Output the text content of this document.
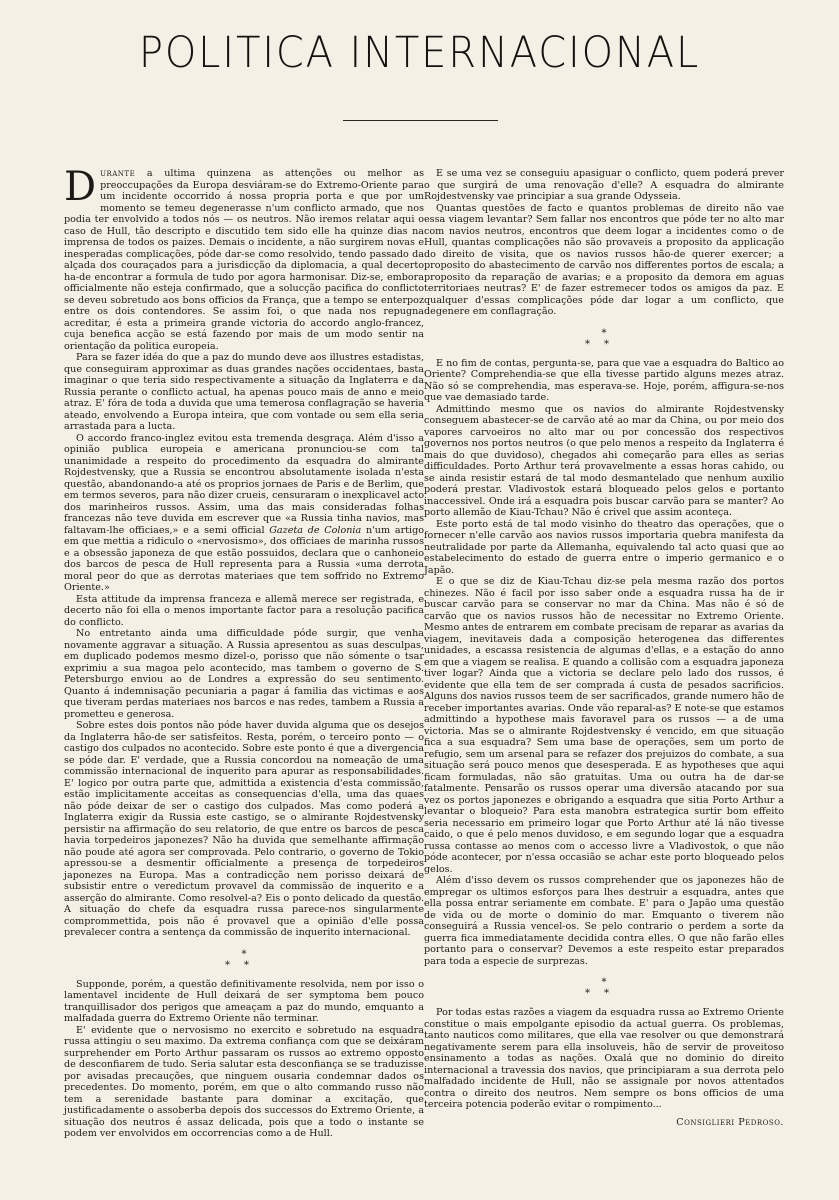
POLITICA INTERNACIONAL

Durante a ultima quinzena as attenções ou melhor as preoccupações da Europa desviáram-se do Extremo-Oriente para um incidente occorrido á nossa propria porta e que por um momento se temeu degenerasse n'um conflicto armado, que nos podia ter envolvido a todos nós — os neutros. Não iremos relatar aqui o caso de Hull, tão descripto e discutido tem sido elle ha quinze dias na imprensa de todos os paizes. Demais o incidente, a não surgirem novas e inesperadas complicações, póde dar-se como resolvido, tendo passado da alçada dos couraçados para a jurisdicção da diplomacia, a qual decerto ha-de encontrar a formula de tudo por agora harmonisar. Diz-se, embora officialmente não esteja confirmado, que a solucção pacifica do conflicto se deveu sobretudo aos bons officios da França, que a tempo se enterpoz entre os dois contendores. Se assim foi, o que nada nos repugna acreditar, é esta a primeira grande victoria do accordo anglo-francez, cuja benefica acção se está fazendo por mais de um modo sentir na orientação da politica europeia.

Para se fazer idéa do que a paz do mundo deve aos illustres estadistas, que conseguiram approximar as duas grandes nações occidentaes, basta imaginar o que teria sido respectivamente a situação da Inglaterra e da Russia perante o conflicto actual, ha apenas pouco mais de anno e meio atraz. E' fóra de toda a duvida que uma temerosa conflagração se haveria ateado, envolvendo a Europa inteira, que com vontade ou sem ella seria arrastada para a lucta.

O accordo franco-inglez evitou esta tremenda desgraça. Além d'isso a opinião publica europeia e americana pronunciou-se com tal unanimidade a respeito do procedimento da esquadra do almirante Rojdestvensky, que a Russia se encontrou absolutamente isolada n'esta questão, abandonando-a até os proprios jornaes de Paris e de Berlim, que em termos severos, para não dizer crueis, censuraram o inexplicavel acto dos marinheiros russos. Assim, uma das mais consideradas folhas francezas não teve duvida em escrever que «a Russia tinha navios, mas faltavam-lhe officiaes,» e a semi official Gazeta de Colonia n'um artigo em que mettia a ridiculo o «nervosismo», dos officiaes de marinha russos e a obsessão japoneza de que estão possuidos, declara que o canhoneio dos barcos de pesca de Hull representa para a Russia «uma derrota moral peor do que as derrotas materiaes que tem soffrido no Extremo Oriente.»

Esta attitude da imprensa franceza e allemã merece ser registrada, e decerto não foi ella o menos importante factor para a resolução pacifica do conflicto.

No entretanto ainda uma difficuldade póde surgir, que venha novamente aggravar a situação. A Russia apresentou as suas desculpas, em duplicado podemos mesmo dizel-o, porisso que não sómente o tsar exprimiu a sua magoa pelo acontecido, mas tambem o governo de S. Petersburgo enviou ao de Londres a expressão do seu sentimento. Quanto á indemnisação pecuniaria a pagar á familia das victimas e aos que tiveram perdas materiaes nos barcos e nas redes, tambem a Russia a prometteu e generosa.

Sobre estes dois pontos não póde haver duvida alguma que os desejos da Inglaterra hão-de ser satisfeitos. Resta, porém, o terceiro ponto — o castigo dos culpados no acontecido. Sobre este ponto é que a divergencia se póde dar. E' verdade, que a Russia concordou na nomeação de uma commissão internacional de inquerito para apurar as responsabilidades. E' logico por outra parte que, admittida a existencia d'esta commissão, estão implicitamente acceitas as consequencias d'ella, uma das quaes não póde deixar de ser o castigo dos culpados. Mas como poderá a Inglaterra exigir da Russia este castigo, se o almirante Rojdestvensky persistir na affirmação do seu relatorio, de que entre os barcos de pesca havia torpedeiros japonezes? Não ha duvida que semelhante affirmação não poude até agora ser comprovada. Pelo contrario, o governo de Tokio apressou-se a desmentir officialmente a presença de torpedeiros japonezes na Europa. Mas a contradicção nem porisso deixará de subsistir entre o veredictum provavel da commissão de inquerito e a asserção do almirante. Como resolvel-a? Eis o ponto delicado da questão. A situação do chefe da esquadra russa parece-nos singularmente comprommettida, pois não é provavel que a opinião d'elle possa prevalecer contra a sentença da commissão de inquerito internacional.

*
**

Supponde, porém, a questão definitivamente resolvida, nem por isso o lamentavel incidente de Hull deixará de ser symptoma bem pouco tranquillisador dos perigos que ameaçam a paz do mundo, emquanto a malfadada guerra do Extremo Oriente não terminar.

E' evidente que o nervosismo no exercito e sobretudo na esquadra russa attingiu o seu maximo. Da extrema confiança com que se deixáram surprehender em Porto Arthur passaram os russos ao extremo opposto de desconfiarem de tudo. Seria salutar esta desconfiança se se traduzisse por avisadas precauções, que ninguem ousaria condemnar dados os precedentes. Do momento, porém, em que o alto commando russo não tem a serenidade bastante para dominar a excitação, que justificadamente o assoberba depois dos successos do Extremo Oriente, a situação dos neutros é assaz delicada, pois que a todo o instante se podem ver envolvidos em occorrencias como a de Hull.

E se uma vez se conseguiu apasiguar o conflicto, quem poderá prever o que surgirá de uma renovação d'elle? A esquadra do almirante Rojdestvensky vae principiar a sua grande Odysseia.

Quantas questões de facto e quantos problemas de direito não vae essa viagem levantar? Sem fallar nos encontros que póde ter no alto mar com navios neutros, encontros que deem logar a incidentes como o de Hull, quantas complicações não são provaveis a proposito da applicação do direito de visita, que os navios russos hão-de querer exercer; a proposito do abastecimento de carvão nos differentes portos de escala; a proposito da reparação de avarias; e a proposito da demora em aguas territoriaes neutras? E' de fazer estremecer todos os amigos da paz. E qualquer d'essas complicações póde dar logar a um conflicto, que degenere em conflagração.

*
**

E no fim de contas, pergunta-se, para que vae a esquadra do Baltico ao Oriente? Comprehendia-se que ella tivesse partido alguns mezes atraz. Não só se comprehendia, mas esperava-se. Hoje, porém, affigura-se-nos que vae demasiado tarde.

Admittindo mesmo que os navios do almirante Rojdestvensky conseguem abastecer-se de carvão até ao mar da China, ou por meio dos vapores carvoeiros no alto mar ou por concessão dos respectivos governos nos portos neutros (o que pelo menos a respeito da Inglaterra é mais do que duvidoso), chegados ahi começarão para elles as serias difficuldades. Porto Arthur terá provavelmente a essas horas cahido, ou se ainda resistir estará de tal modo desmantelado que nenhum auxilio poderá prestar. Vladivostok estará bloqueado pelos gelos e portanto inaccessivel. Onde irá a esquadra pois buscar carvão para se manter? Ao porto allemão de Kiau-Tchau? Não é crivel que assim aconteça.

Este porto está de tal modo visinho do theatro das operações, que o fornecer n'elle carvão aos navios russos importaria quebra manifesta da neutralidade por parte da Allemanha, equivalendo tal acto quasi que ao estabelecimento do estado de guerra entre o imperio germanico e o Japão.

E o que se diz de Kiau-Tchau diz-se pela mesma razão dos portos chinezes. Não é facil por isso saber onde a esquadra russa ha de ir buscar carvão para se conservar no mar da China. Mas não é só de carvão que os navios russos hão de necessitar no Extremo Oriente. Mesmo antes de entrarem em combate precisam de reparar as avarias da viagem, inevitaveis dada a composição heterogenea das differentes unidades, a escassa resistencia de algumas d'ellas, e a estação do anno em que a viagem se realisa. E quando a collisão com a esquadra japoneza tiver logar? Ainda que a victoria se declare pelo lado dos russos, é evidente que ella tem de ser comprada á custa de pesados sacrificios. Alguns dos navios russos teem de ser sacrificados, grande numero hão de receber importantes avarias. Onde vão reparal-as? E note-se que estamos admittindo a hypothese mais favoravel para os russos — a de uma victoria. Mas se o almirante Rojdestvensky é vencido, em que situação fica a sua esquadra? Sem uma base de operações, sem um porto de refugio, sem um arsenal para se refazer dos prejuizos do combate, a sua situação será pouco menos que desesperada. E as hypotheses que aqui ficam formuladas, não são gratuitas. Uma ou outra ha de dar-se fatalmente. Pensarão os russos operar uma diversão atacando por sua vez os portos japonezes e obrigando a esquadra que sitia Porto Arthur a levantar o bloqueio? Para esta manobra estrategica surtir bom effeito seria necessario em primeiro logar que Porto Arthur até lá não tivesse caido, o que é pelo menos duvidoso, e em segundo logar que a esquadra russa contasse ao menos com o accesso livre a Vladivostok, o que não póde acontecer, por n'essa occasião se achar este porto bloqueado pelos gelos.

Além d'isso devem os russos comprehender que os japonezes hão de empregar os ultimos esforços para lhes destruir a esquadra, antes que ella possa entrar seriamente em combate. E' para o Japão uma questão de vida ou de morte o dominio do mar. Emquanto o tiverem não conseguirá a Russia vencel-os. Se pelo contrario o perdem a sorte da guerra fica immediatamente decidida contra elles. O que não farão elles portanto para o conservar? Devemos a este respeito estar preparados para toda a especie de surprezas.

*
**

Por todas estas razões a viagem da esquadra russa ao Extremo Oriente constitue o mais empolgante episodio da actual guerra. Os problemas, tanto nauticos como militares, que ella vae resolver ou que demonstrará negativamente serem para ella insoluveis, hão de servir de proveitoso ensinamento a todas as nações. Oxalá que no dominio do direito internacional a travessia dos navios, que principiaram a sua derrota pelo malfadado incidente de Hull, não se assignale por novos attentados contra o direito dos neutros. Nem sempre os bons officios de uma terceira potencia poderão evitar o rompimento...

Consiglieri Pedroso.
